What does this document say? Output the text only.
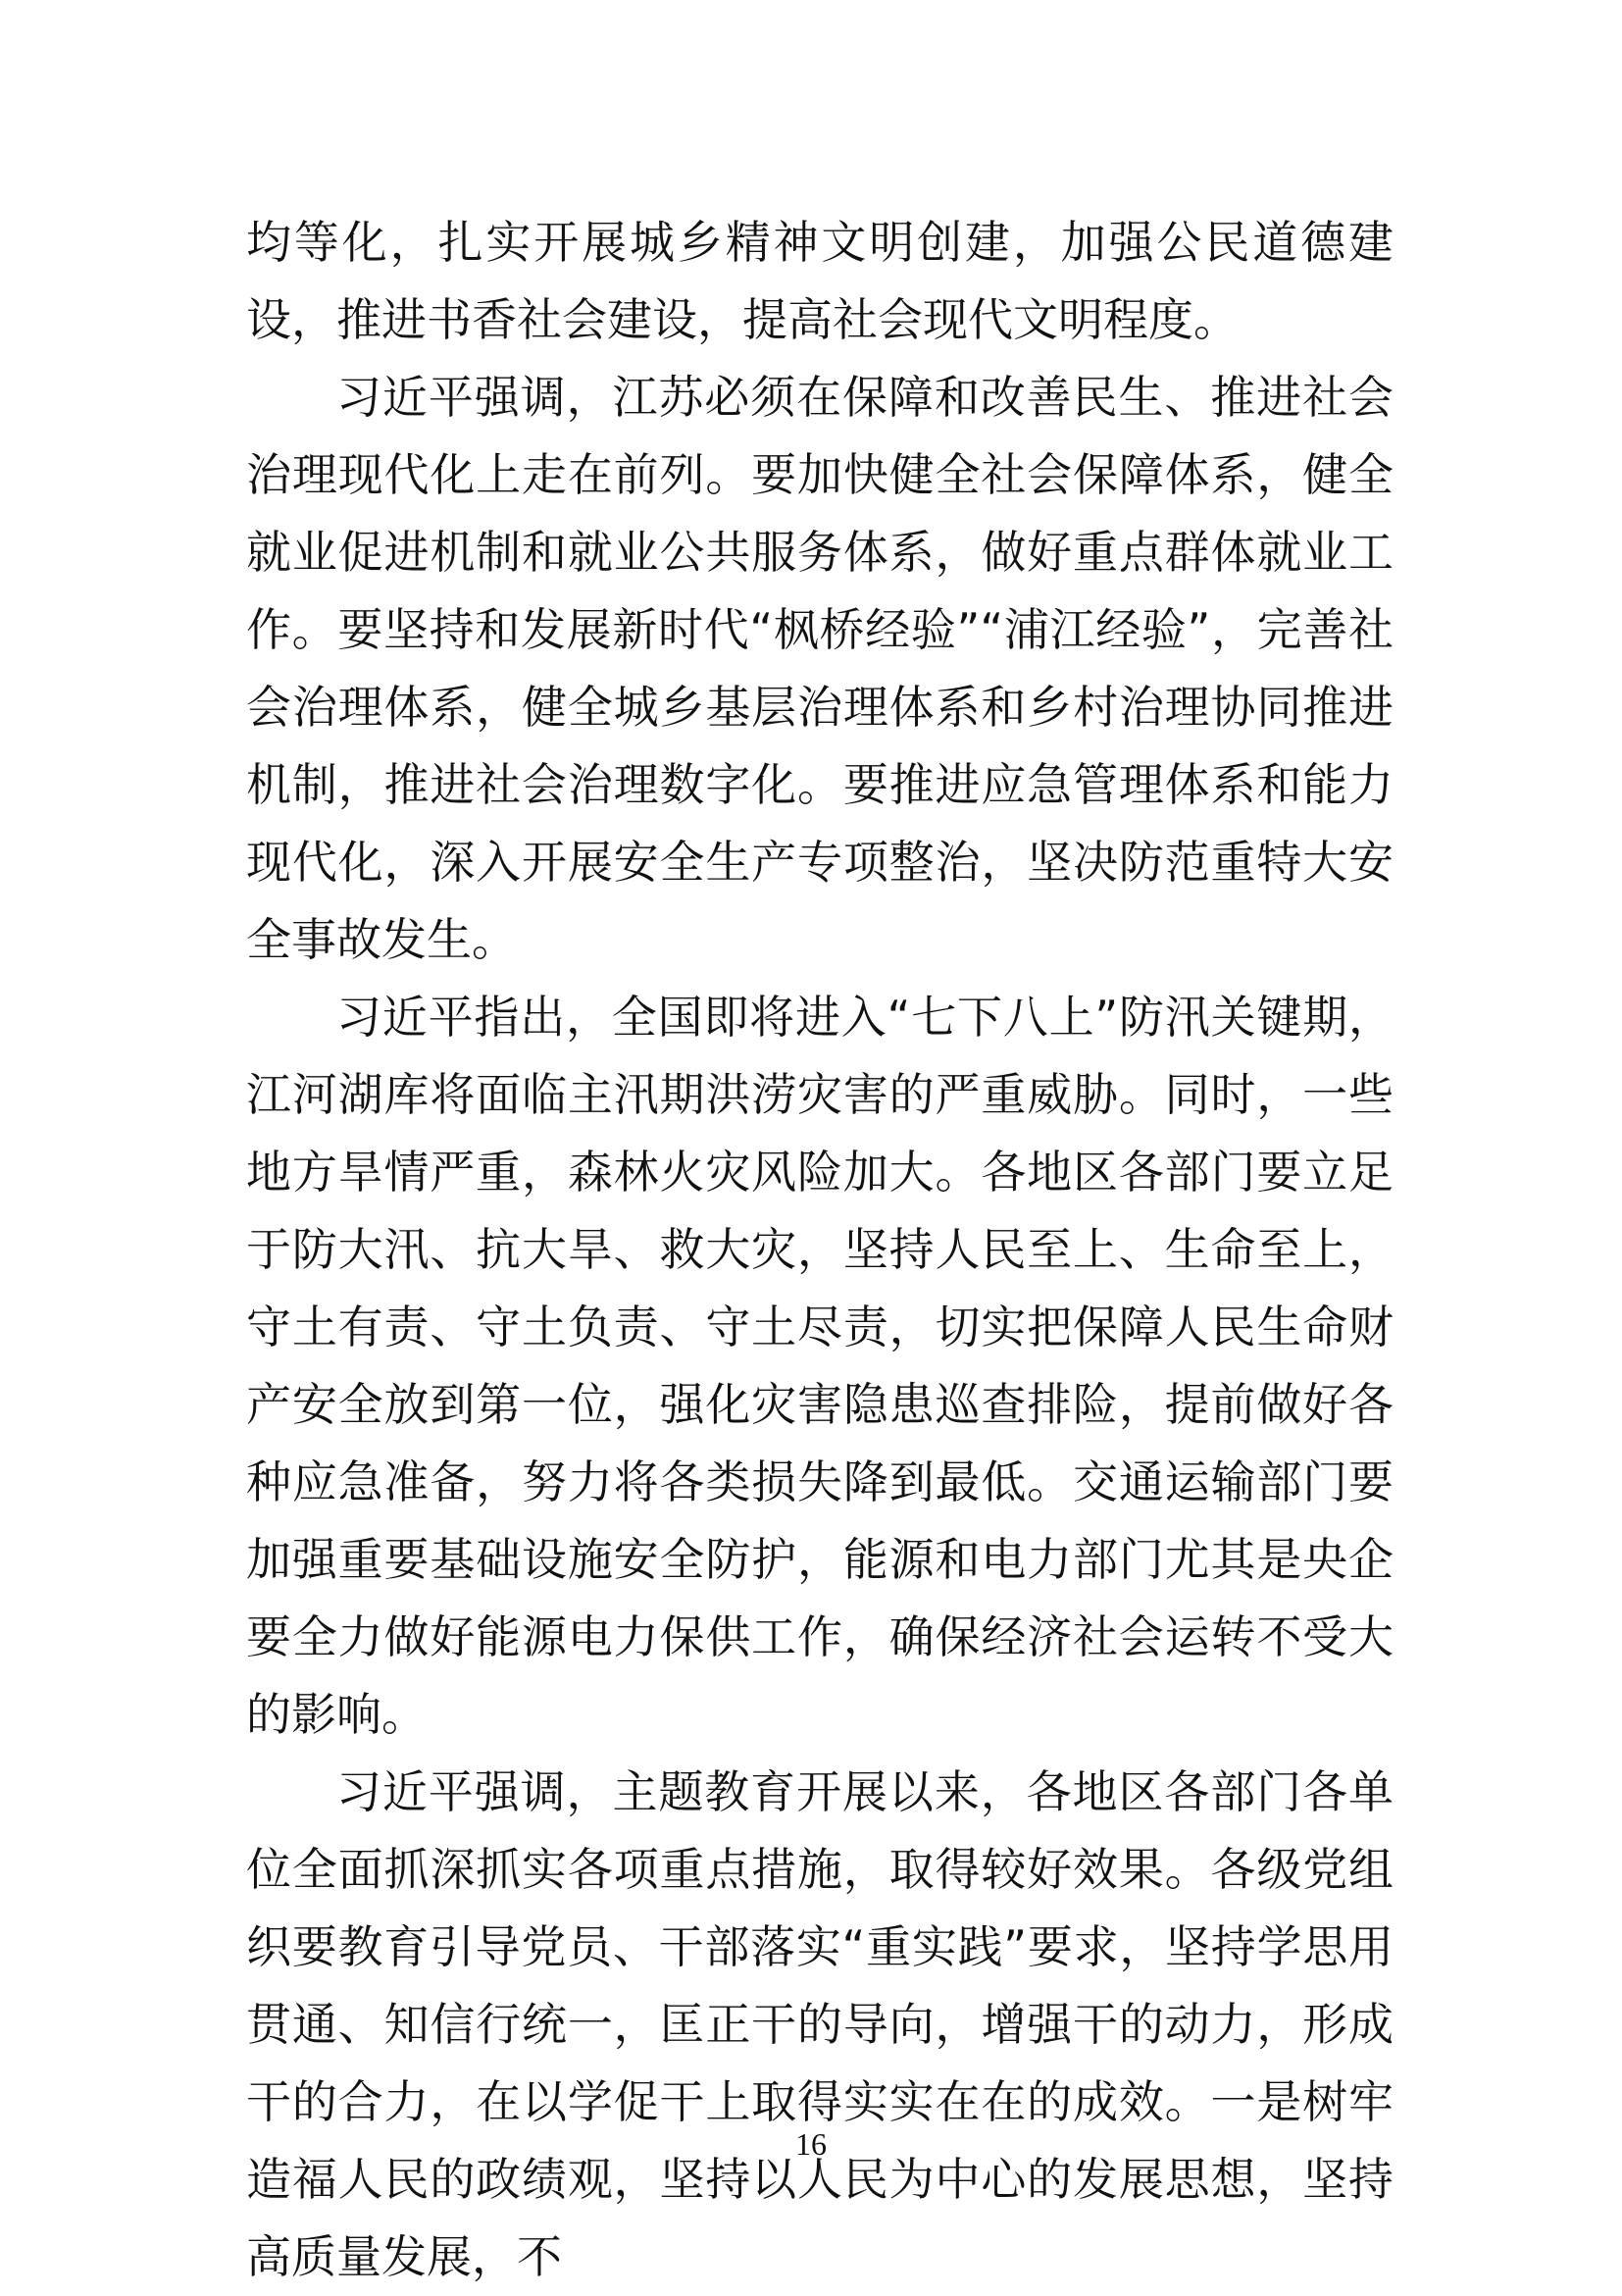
均等化，扎实开展城乡精神文明创建，加强公民道德建设，推进书香社会建设，提高社会现代文明程度。

习近平强调，江苏必须在保障和改善民生、推进社会治理现代化上走在前列。要加快健全社会保障体系，健全就业促进机制和就业公共服务体系，做好重点群体就业工作。要坚持和发展新时代“枫桥经验”“浦江经验”，完善社会治理体系，健全城乡基层治理体系和乡村治理协同推进机制，推进社会治理数字化。要推进应急管理体系和能力现代化，深入开展安全生产专项整治，坚决防范重特大安全事故发生。

习近平指出，全国即将进入“七下八上”防汛关键期，江河湖库将面临主汛期洪涝灾害的严重威胁。同时，一些地方旱情严重，森林火灾风险加大。各地区各部门要立足于防大汛、抗大旱、救大灾，坚持人民至上、生命至上，守土有责、守土负责、守土尽责，切实把保障人民生命财产安全放到第一位，强化灾害隐患巡查排险，提前做好各种应急准备，努力将各类损失降到最低。交通运输部门要加强重要基础设施安全防护，能源和电力部门尤其是央企要全力做好能源电力保供工作，确保经济社会运转不受大的影响。

习近平强调，主题教育开展以来，各地区各部门各单位全面抓深抓实各项重点措施，取得较好效果。各级党组织要教育引导党员、干部落实“重实践”要求，坚持学思用贯通、知信行统一，匡正干的导向，增强干的动力，形成干的合力，在以学促干上取得实实在在的成效。一是树牢造福人民的政绩观，坚持以人民为中心的发展思想，坚持高质量发展，不

16
